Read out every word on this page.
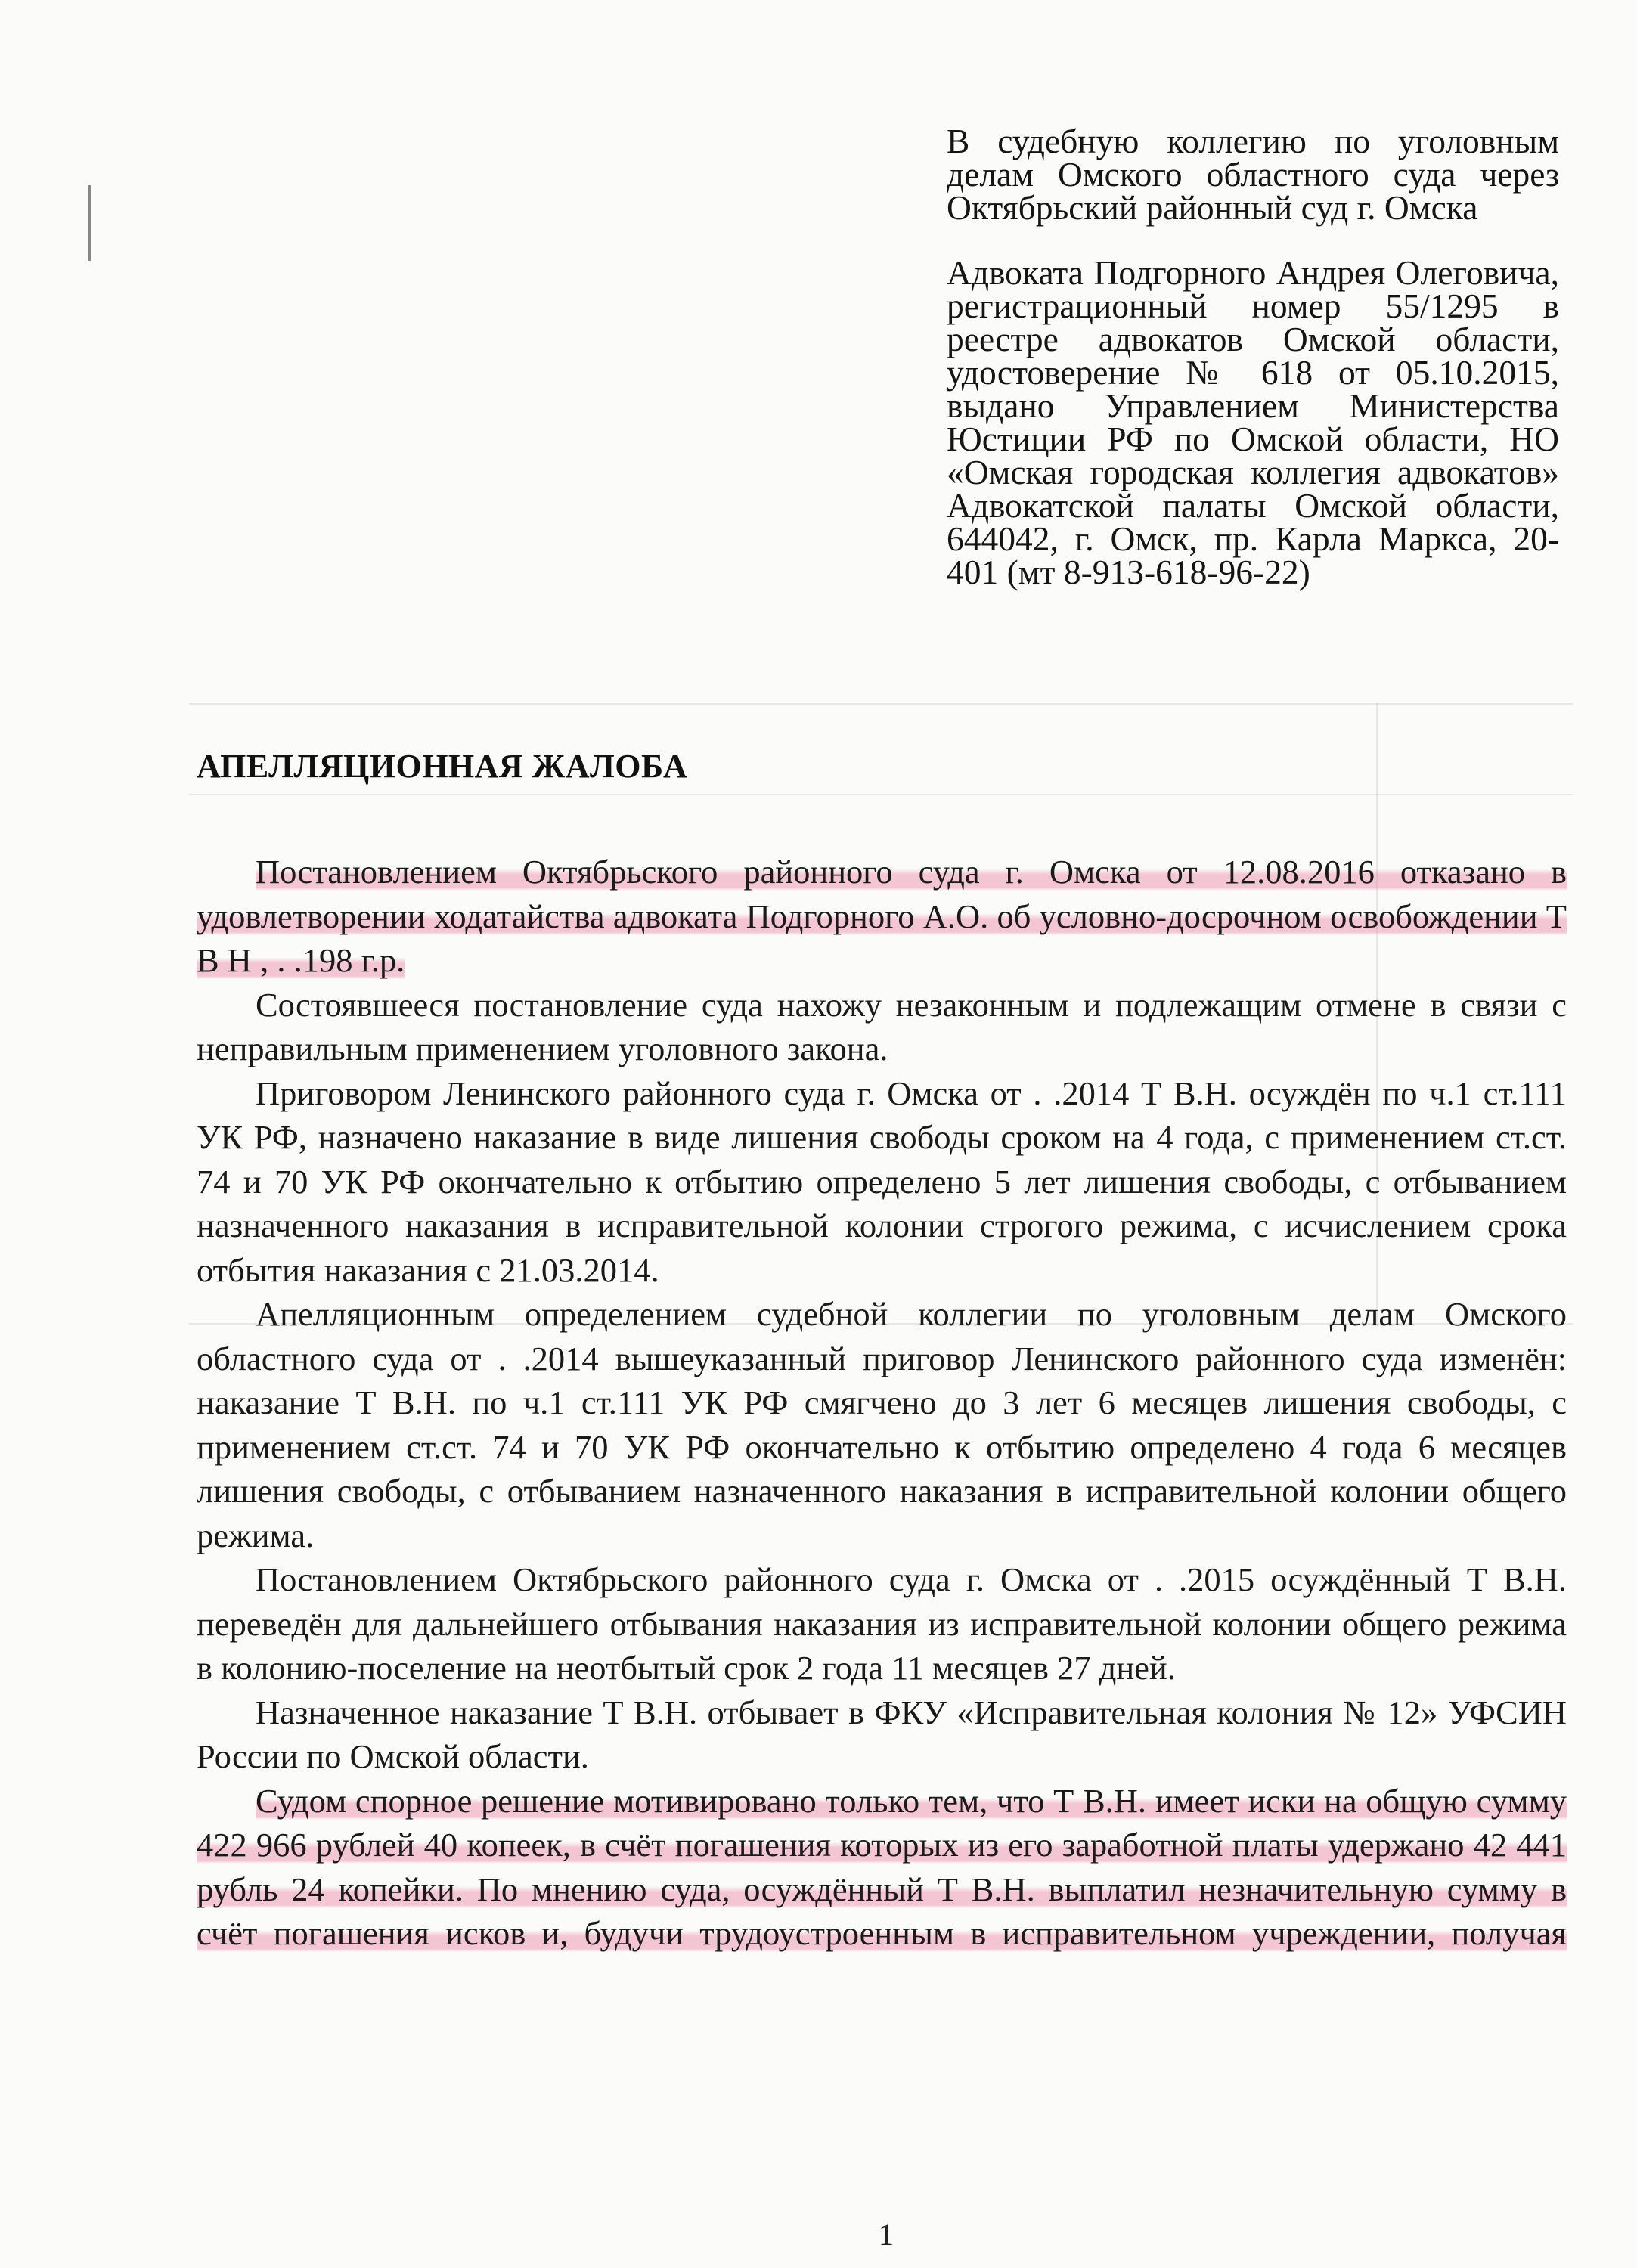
В судебную коллегию по уголовным делам Омского областного суда через Октябрьский районный суд г. Омска
Адвоката Подгорного Андрея Олеговича, регистрационный номер 55/1295 в реестре адвокатов Омской области, удостоверение № 618 от 05.10.2015, выдано Управлением Министерства Юстиции РФ по Омской области, НО «Омская городская коллегия адвокатов» Адвокатской палаты Омской области, 644042, г. Омск, пр. Карла Маркса, 20-401 (мт 8-913-618-96-22)
АПЕЛЛЯЦИОННАЯ ЖАЛОБА

Постановлением Октябрьского районного суда г. Омска от 12.08.2016 отказано в удовлетворении ходатайства адвоката Подгорного А.О. об условно-досрочном освобождении Т В Н , . .198 г.р.

Состоявшееся постановление суда нахожу незаконным и подлежащим отмене в связи с неправильным применением уголовного закона.

Приговором Ленинского районного суда г. Омска от . .2014 Т В.Н. осуждён по ч.1 ст.111 УК РФ, назначено наказание в виде лишения свободы сроком на 4 года, с применением ст.ст. 74 и 70 УК РФ окончательно к отбытию определено 5 лет лишения свободы, с отбыванием назначенного наказания в исправительной колонии строгого режима, с исчислением срока отбытия наказания с 21.03.2014.

Апелляционным определением судебной коллегии по уголовным делам Омского областного суда от . .2014 вышеуказанный приговор Ленинского районного суда изменён: наказание Т В.Н. по ч.1 ст.111 УК РФ смягчено до 3 лет 6 месяцев лишения свободы, с применением ст.ст. 74 и 70 УК РФ окончательно к отбытию определено 4 года 6 месяцев лишения свободы, с отбыванием назначенного наказания в исправительной колонии общего режима.

Постановлением Октябрьского районного суда г. Омска от . .2015 осуждённый Т В.Н. переведён для дальнейшего отбывания наказания из исправительной колонии общего режима в колонию-поселение на неотбытый срок 2 года 11 месяцев 27 дней.

Назначенное наказание Т В.Н. отбывает в ФКУ «Исправительная колония № 12» УФСИН России по Омской области.

Судом спорное решение мотивировано только тем, что Т В.Н. имеет иски на общую сумму 422 966 рублей 40 копеек, в счёт погашения которых из его заработной платы удержано 42 441 рубль 24 копейки. По мнению суда, осуждённый Т В.Н. выплатил незначительную сумму в счёт погашения исков и, будучи трудоустроенным в исправительном учреждении, получая

1
